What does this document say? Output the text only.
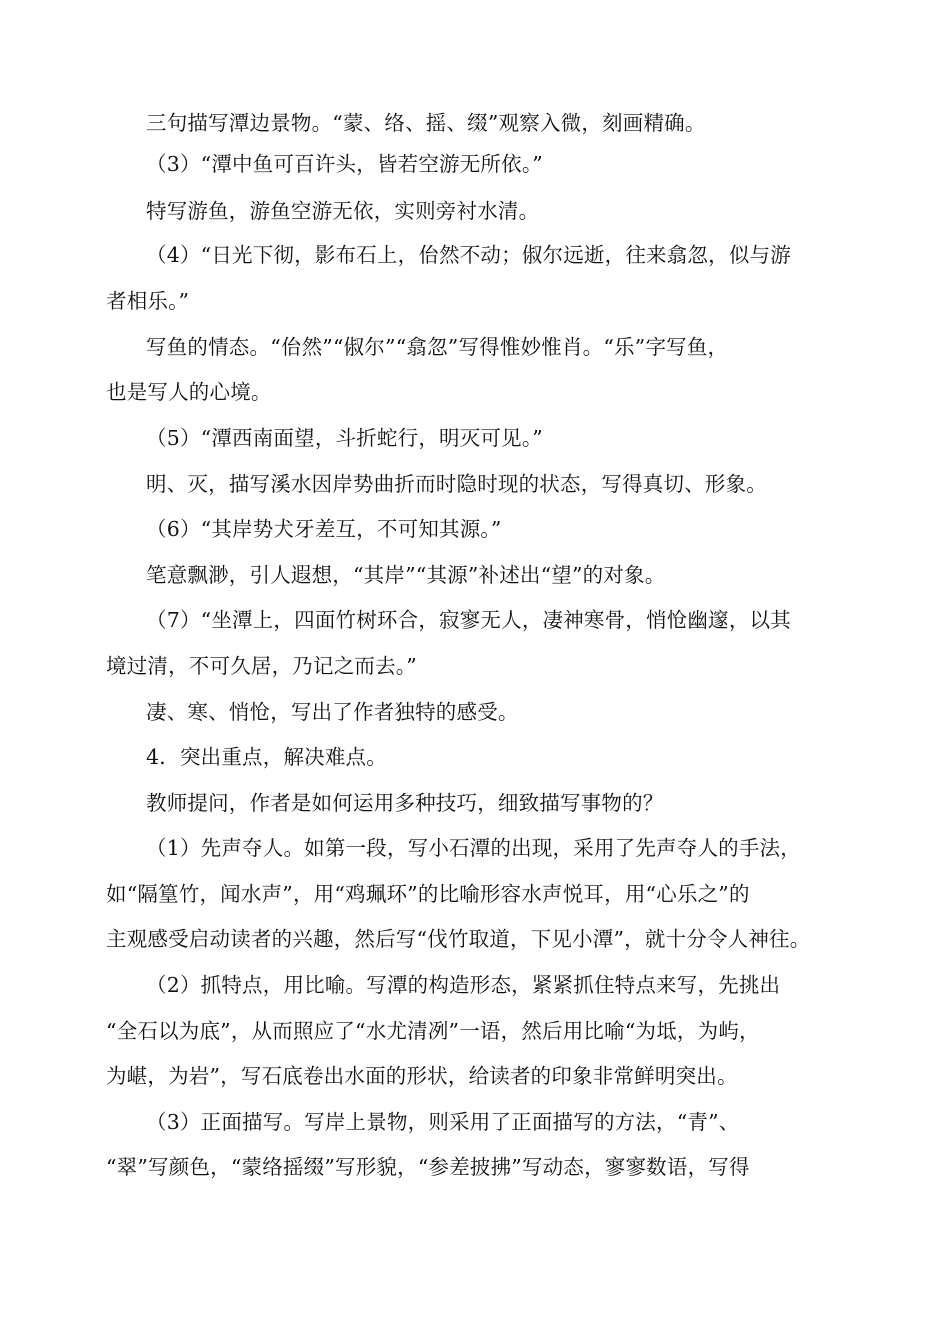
三句描写潭边景物。“蒙、络、摇、缀”观察入微，刻画精确。
（3）“潭中鱼可百许头，皆若空游无所依。”
特写游鱼，游鱼空游无依，实则旁衬水清。
（4）“日光下彻，影布石上，佁然不动；俶尔远逝，往来翕忽，似与游
者相乐。”
写鱼的情态。“佁然”“俶尔”“翕忽”写得惟妙惟肖。“乐”字写鱼，
也是写人的心境。
（5）“潭西南面望，斗折蛇行，明灭可见。”
明、灭，描写溪水因岸势曲折而时隐时现的状态，写得真切、形象。
（6）“其岸势犬牙差互，不可知其源。”
笔意飘渺，引人遐想，“其岸”“其源”补述出“望”的对象。
（7）“坐潭上，四面竹树环合，寂寥无人，凄神寒骨，悄怆幽邃，以其
境过清，不可久居，乃记之而去。”
凄、寒、悄怆，写出了作者独特的感受。
4．突出重点，解决难点。
教师提问，作者是如何运用多种技巧，细致描写事物的？
（1）先声夺人。如第一段，写小石潭的出现，采用了先声夺人的手法，
如“隔篁竹，闻水声”，用“鸡珮环”的比喻形容水声悦耳，用“心乐之”的
主观感受启动读者的兴趣，然后写“伐竹取道，下见小潭”，就十分令人神往。
（2）抓特点，用比喻。写潭的构造形态，紧紧抓住特点来写，先挑出
“全石以为底”，从而照应了“水尤清冽”一语，然后用比喻“为坻，为屿，
为嵁，为岩”，写石底卷出水面的形状，给读者的印象非常鲜明突出。
（3）正面描写。写岸上景物，则采用了正面描写的方法，“青”、
“翠”写颜色，“蒙络摇缀”写形貌，“参差披拂”写动态，寥寥数语，写得
